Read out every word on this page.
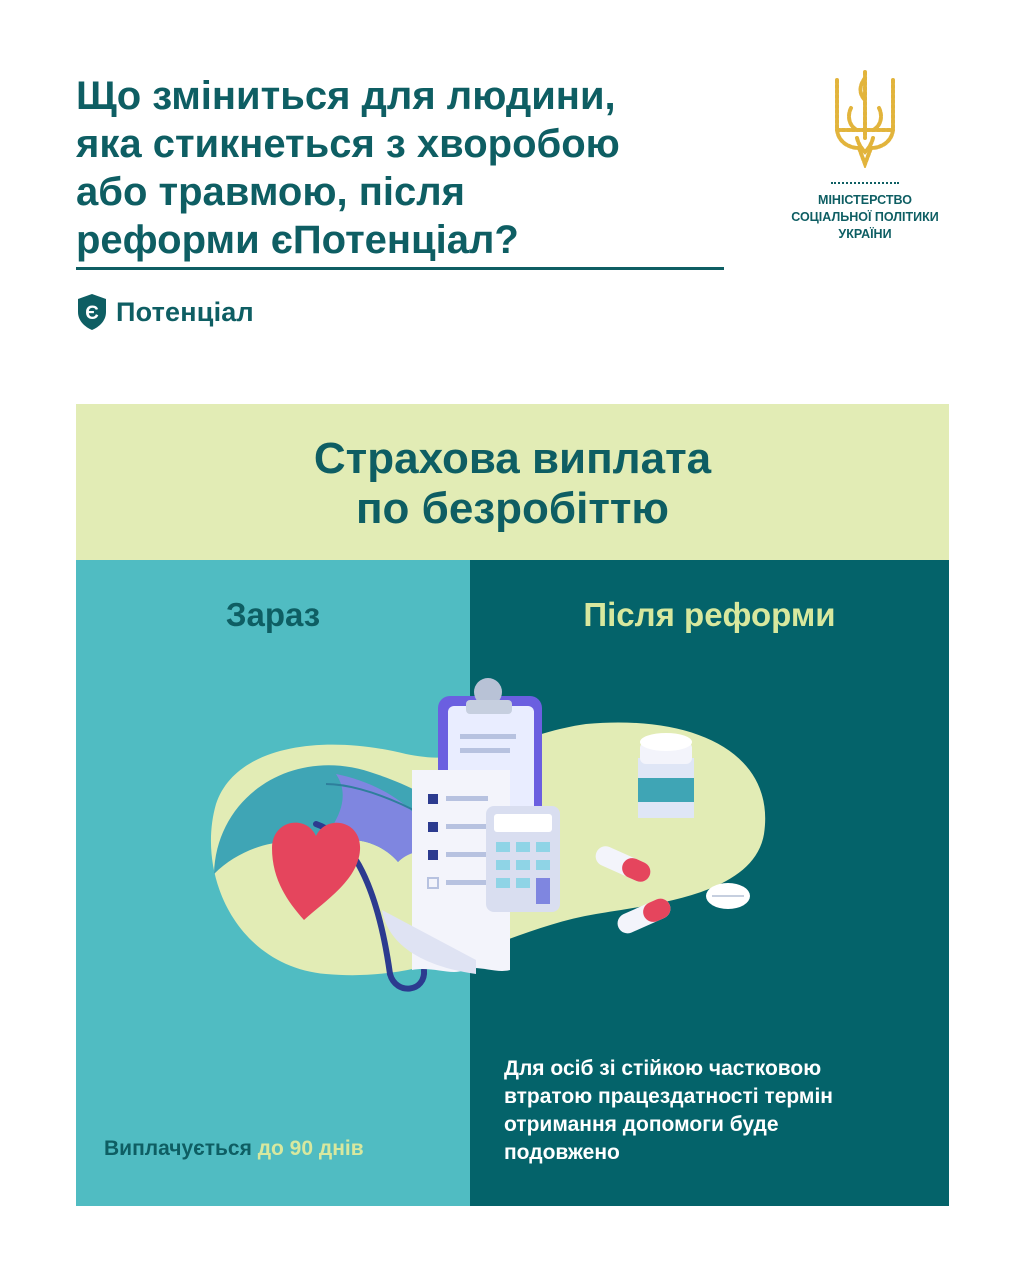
Що зміниться для людини,
яка стикнеться з хворобою
або травмою, після
реформи єПотенціал?
Є Потенціал
МІНІСТЕРСТВО
СОЦІАЛЬНОЇ ПОЛІТИКИ
УКРАЇНИ
Страхова виплата
по безробіттю
Зараз	Після реформи
Виплачується до 90 днів
Для осіб зі стійкою частковою
втратою працездатності термін
отримання допомоги буде
подовжено
